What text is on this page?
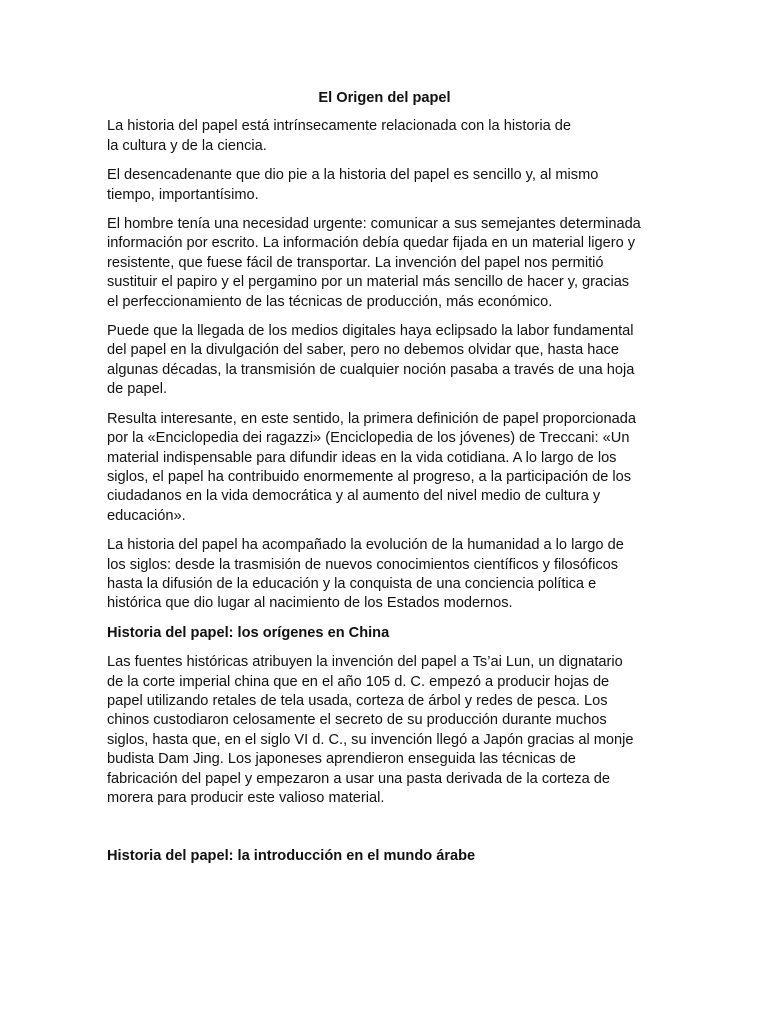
El Origen del papel
La historia del papel está intrínsecamente relacionada con la historia de
la cultura y de la ciencia.
El desencadenante que dio pie a la historia del papel es sencillo y, al mismo
tiempo, importantísimo.
El hombre tenía una necesidad urgente: comunicar a sus semejantes determinada
información por escrito. La información debía quedar fijada en un material ligero y
resistente, que fuese fácil de transportar. La invención del papel nos permitió
sustituir el papiro y el pergamino por un material más sencillo de hacer y, gracias
el perfeccionamiento de las técnicas de producción, más económico.
Puede que la llegada de los medios digitales haya eclipsado la labor fundamental
del papel en la divulgación del saber, pero no debemos olvidar que, hasta hace
algunas décadas, la transmisión de cualquier noción pasaba a través de una hoja
de papel.
Resulta interesante, en este sentido, la primera definición de papel proporcionada
por la «Enciclopedia dei ragazzi» (Enciclopedia de los jóvenes) de Treccani: «Un
material indispensable para difundir ideas en la vida cotidiana. A lo largo de los
siglos, el papel ha contribuido enormemente al progreso, a la participación de los
ciudadanos en la vida democrática y al aumento del nivel medio de cultura y
educación».
La historia del papel ha acompañado la evolución de la humanidad a lo largo de
los siglos: desde la trasmisión de nuevos conocimientos científicos y filosóficos
hasta la difusión de la educación y la conquista de una conciencia política e
histórica que dio lugar al nacimiento de los Estados modernos.
Historia del papel: los orígenes en China
Las fuentes históricas atribuyen la invención del papel a Ts’ai Lun, un dignatario
de la corte imperial china que en el año 105 d. C. empezó a producir hojas de
papel utilizando retales de tela usada, corteza de árbol y redes de pesca. Los
chinos custodiaron celosamente el secreto de su producción durante muchos
siglos, hasta que, en el siglo VI d. C., su invención llegó a Japón gracias al monje
budista Dam Jing. Los japoneses aprendieron enseguida las técnicas de
fabricación del papel y empezaron a usar una pasta derivada de la corteza de
morera para producir este valioso material.
Historia del papel: la introducción en el mundo árabe
